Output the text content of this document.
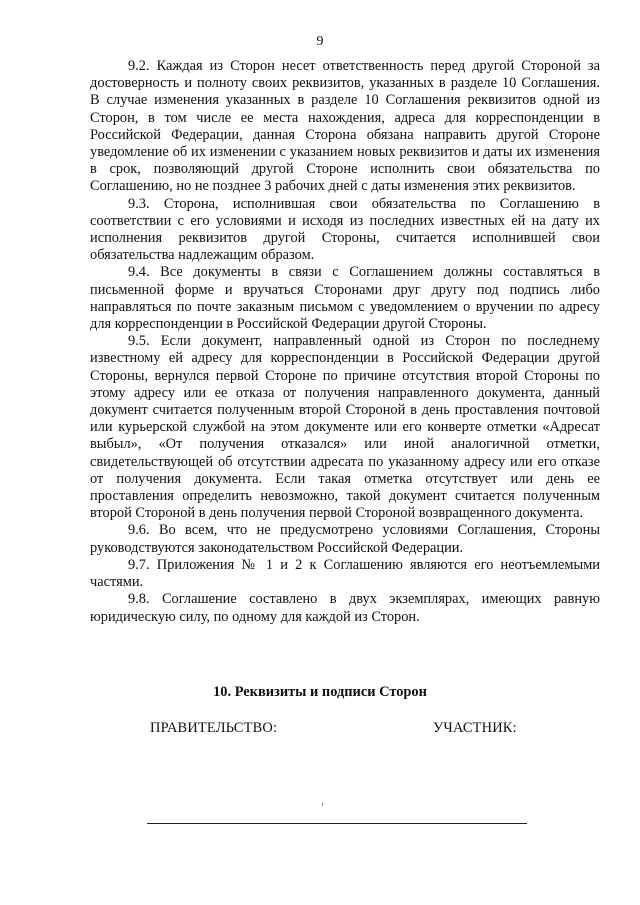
9

9.2. Каждая из Сторон несет ответственность перед другой Стороной за достоверность и полноту своих реквизитов, указанных в разделе 10 Соглашения. В случае изменения указанных в разделе 10 Соглашения реквизитов одной из Сторон, в том числе ее места нахождения, адреса для корреспонденции в Российской Федерации, данная Сторона обязана направить другой Стороне уведомление об их изменении с указанием новых реквизитов и даты их изменения в срок, позволяющий другой Стороне исполнить свои обязательства по Соглашению, но не позднее 3 рабочих дней с даты изменения этих реквизитов.

9.3. Сторона, исполнившая свои обязательства по Соглашению в соответствии с его условиями и исходя из последних известных ей на дату их исполнения реквизитов другой Стороны, считается исполнившей свои обязательства надлежащим образом.

9.4. Все документы в связи с Соглашением должны составляться в письменной форме и вручаться Сторонами друг другу под подпись либо направляться по почте заказным письмом с уведомлением о вручении по адресу для корреспонденции в Российской Федерации другой Стороны.

9.5. Если документ, направленный одной из Сторон по последнему известному ей адресу для корреспонденции в Российской Федерации другой Стороны, вернулся первой Стороне по причине отсутствия второй Стороны по этому адресу или ее отказа от получения направленного документа, данный документ считается полученным второй Стороной в день проставления почтовой или курьерской службой на этом документе или его конверте отметки «Адресат выбыл», «От получения отказался» или иной аналогичной отметки, свидетельствующей об отсутствии адресата по указанному адресу или его отказе от получения документа. Если такая отметка отсутствует или день ее проставления определить невозможно, такой документ считается полученным второй Стороной в день получения первой Стороной возвращенного документа.

9.6. Во всем, что не предусмотрено условиями Соглашения, Стороны руководствуются законодательством Российской Федерации.

9.7. Приложения № 1 и 2 к Соглашению являются его неотъемлемыми частями.

9.8. Соглашение составлено в двух экземплярах, имеющих равную юридическую силу, по одному для каждой из Сторон.

10. Реквизиты и подписи Сторон
ПРАВИТЕЛЬСТВО:	УЧАСТНИК:
